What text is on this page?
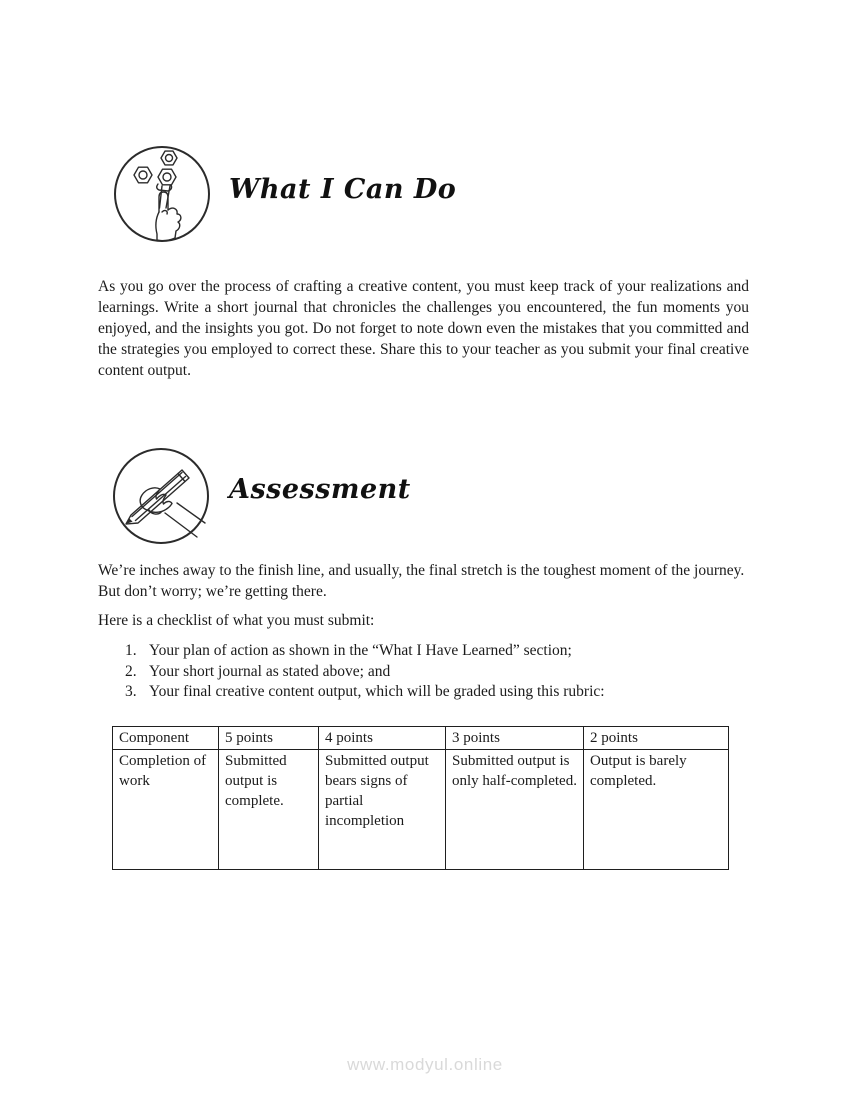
What I Can Do
As you go over the process of crafting a creative content, you must keep track of your realizations and learnings. Write a short journal that chronicles the challenges you encountered, the fun moments you enjoyed, and the insights you got. Do not forget to note down even the mistakes that you committed and the strategies you employed to correct these. Share this to your teacher as you submit your final creative content output.
Assessment
We’re inches away to the finish line, and usually, the final stretch is the toughest moment of the journey. But don’t worry; we’re getting there.
Here is a checklist of what you must submit:
1. Your plan of action as shown in the “What I Have Learned” section;
2. Your short journal as stated above; and
3. Your final creative content output, which will be graded using this rubric:
Component	5 points	4 points	3 points	2 points
Completion of work	Submitted output is complete.	Submitted output bears signs of partial incompletion	Submitted output is only half-completed.	Output is barely completed.
www.modyul.online
